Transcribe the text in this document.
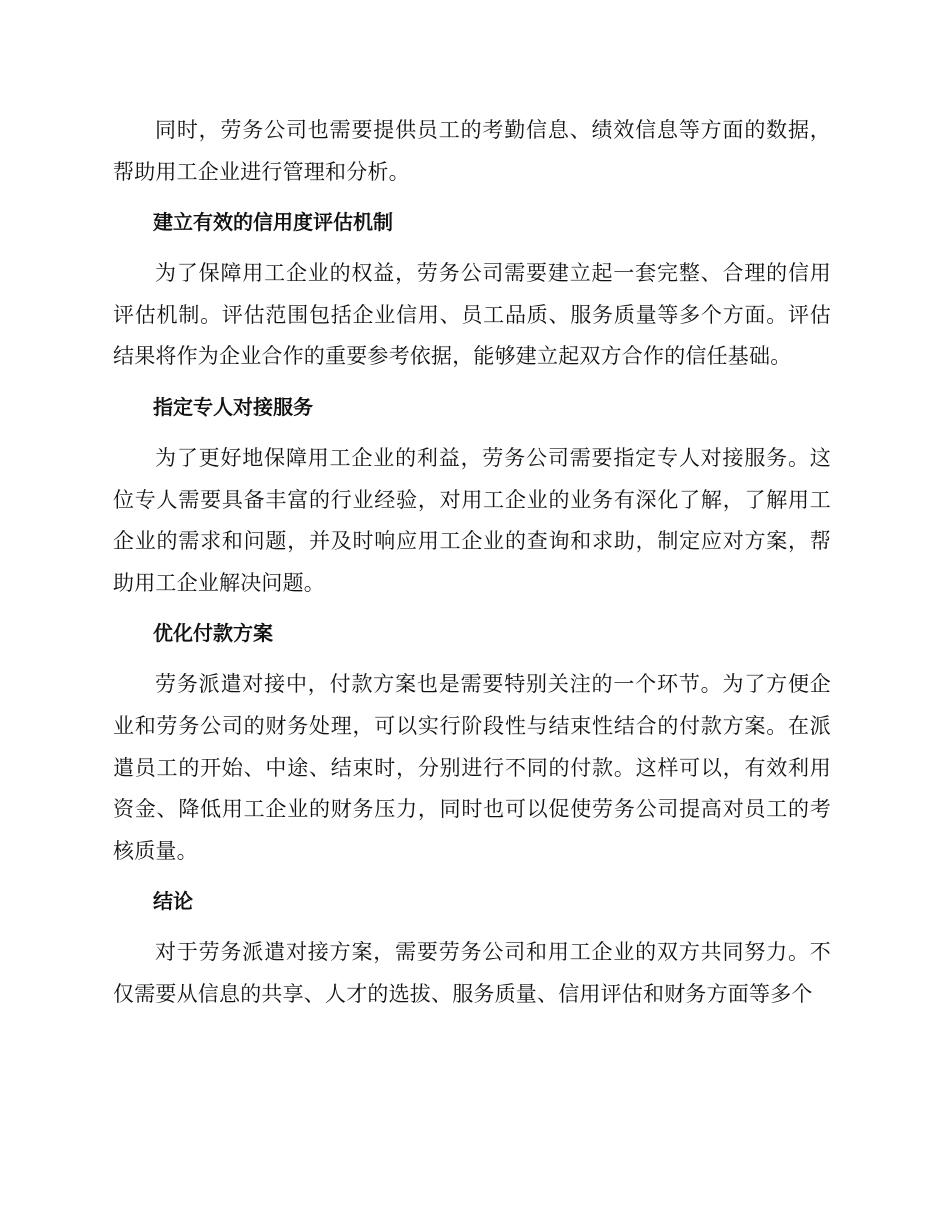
同时，劳务公司也需要提供员工的考勤信息、绩效信息等方面的数据，帮助用工企业进行管理和分析。

建立有效的信用度评估机制

为了保障用工企业的权益，劳务公司需要建立起一套完整、合理的信用评估机制。评估范围包括企业信用、员工品质、服务质量等多个方面。评估结果将作为企业合作的重要参考依据，能够建立起双方合作的信任基础。

指定专人对接服务

为了更好地保障用工企业的利益，劳务公司需要指定专人对接服务。这位专人需要具备丰富的行业经验，对用工企业的业务有深化了解，了解用工企业的需求和问题，并及时响应用工企业的查询和求助，制定应对方案，帮助用工企业解决问题。

优化付款方案

劳务派遣对接中，付款方案也是需要特别关注的一个环节。为了方便企业和劳务公司的财务处理，可以实行阶段性与结束性结合的付款方案。在派遣员工的开始、中途、结束时，分别进行不同的付款。这样可以，有效利用资金、降低用工企业的财务压力，同时也可以促使劳务公司提高对员工的考核质量。

结论

对于劳务派遣对接方案，需要劳务公司和用工企业的双方共同努力。不仅需要从信息的共享、人才的选拔、服务质量、信用评估和财务方面等多个
